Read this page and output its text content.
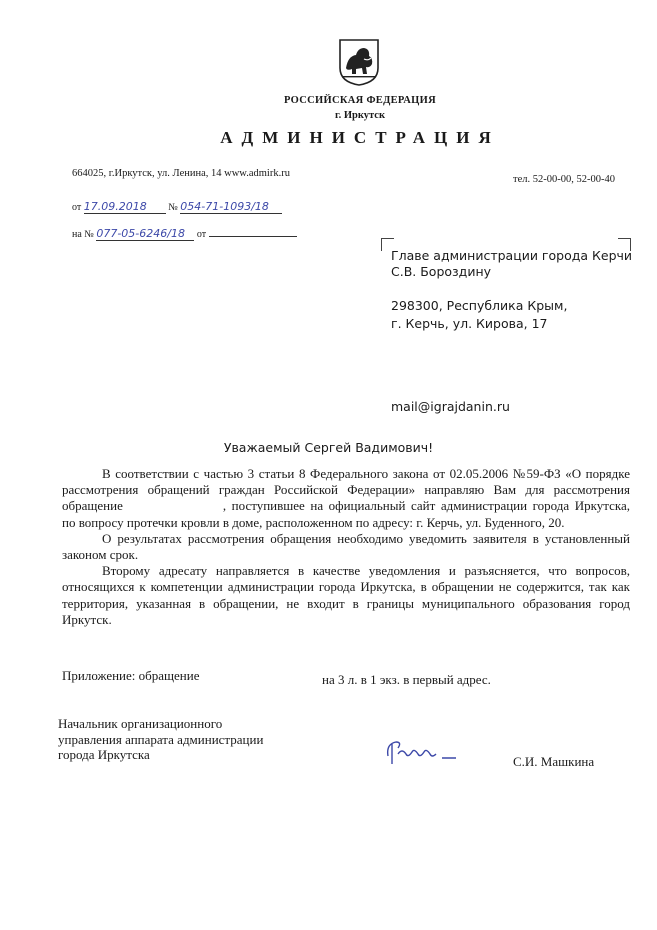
РОССИЙСКАЯ ФЕДЕРАЦИЯ
г. Иркутск
АДМИНИСТРАЦИЯ
664025, г.Иркутск, ул. Ленина, 14 www.admirk.ru
тел. 52-00-00, 52-00-40
от 17.09.2018 № 054-71-1093/18
на № 077-05-6246/18 от
Главе администрации города Керчи
С.В. Бороздину
298300, Республика Крым,
г. Керчь, ул. Кирова, 17
mail@igrajdanin.ru
Уважаемый Сергей Вадимович!

В соответствии с частью 3 статьи 8 Федерального закона от 02.05.2006 №59-ФЗ «О порядке рассмотрения обращений граждан Российской Федерации» направляю Вам для рассмотрения обращение	, поступившее на официальный сайт администрации города Иркутска, по вопросу протечки кровли в доме, расположенном по адресу: г. Керчь, ул. Буденного, 20.

О результатах рассмотрения обращения необходимо уведомить заявителя в установленный законом срок.

Второму адресату направляется в качестве уведомления и разъясняется, что вопросов, относящихся к компетенции администрации города Иркутска, в обращении не содержится, так как территория, указанная в обращении, не входит в границы муниципального образования город Иркутск.

Приложение: обращение	на 3 л. в 1 экз. в первый адрес.
Начальник организационного
управления аппарата администрации
города Иркутска	С.И. Машкина
